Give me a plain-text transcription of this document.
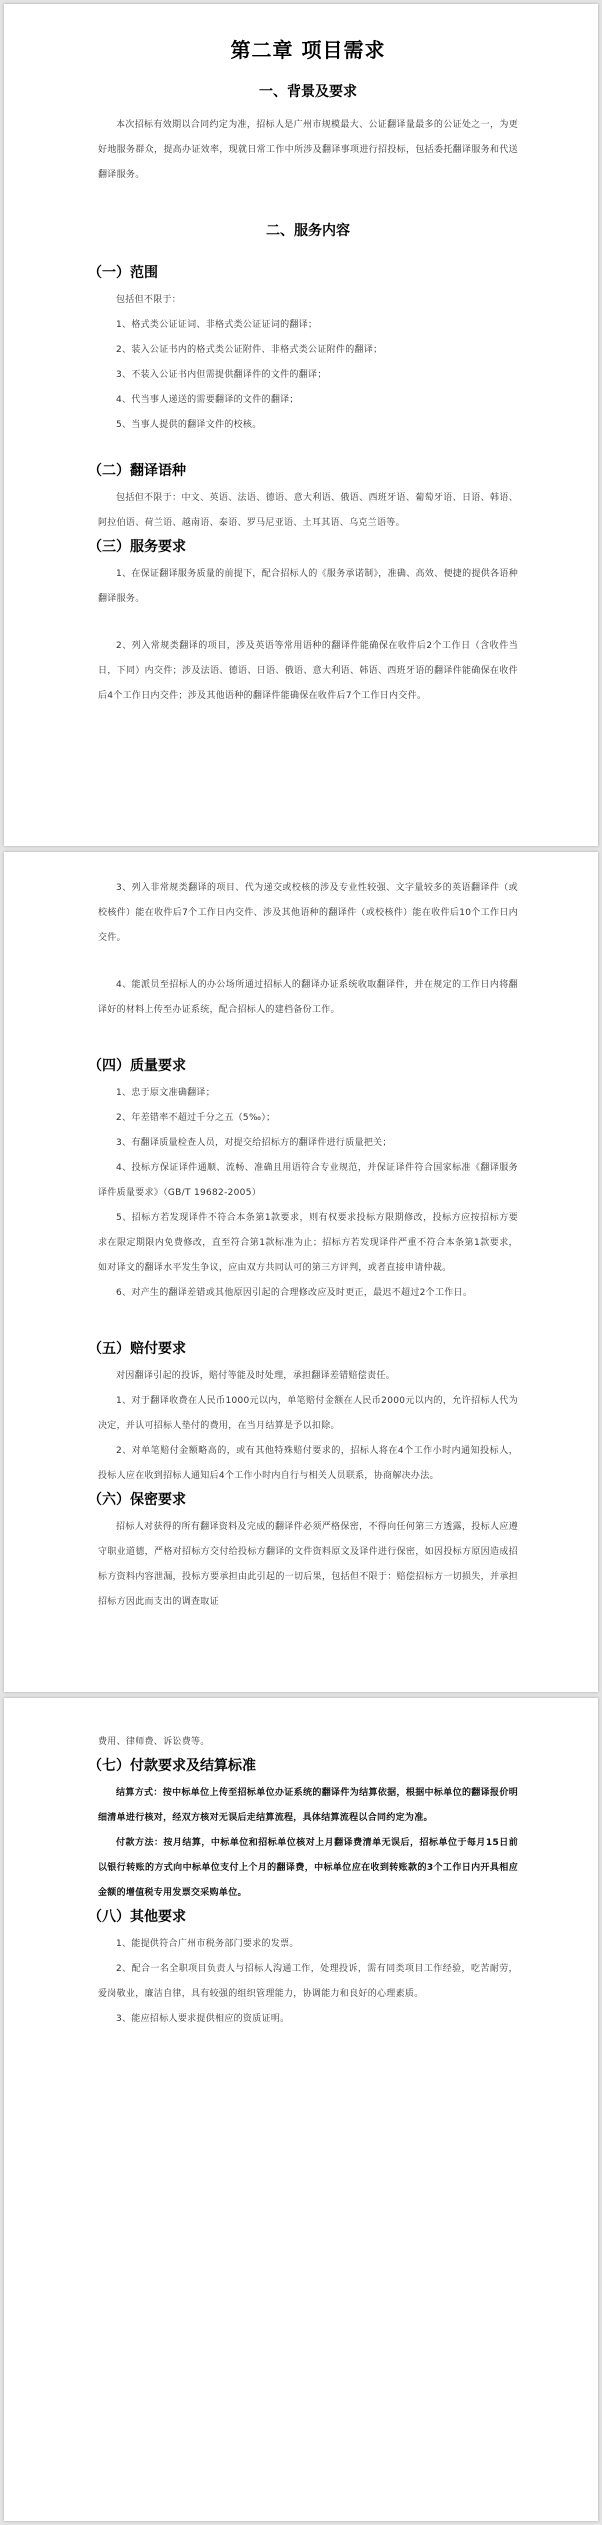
第二章 项目需求
一、背景及要求

本次招标有效期以合同约定为准，招标人是广州市规模最大、公证翻译量最多的公证处之一，为更好地服务群众，提高办证效率，现就日常工作中所涉及翻译事项进行招投标，包括委托翻译服务和代送翻译服务。

二、服务内容
（一）范围

包括但不限于：

1、格式类公证证词、非格式类公证证词的翻译；

2、装入公证书内的格式类公证附件、非格式类公证附件的翻译；

3、不装入公证书内但需提供翻译件的文件的翻译；

4、代当事人递送的需要翻译的文件的翻译；

5、当事人提供的翻译文件的校核。

（二）翻译语种

包括但不限于：中文、英语、法语、德语、意大利语、俄语、西班牙语、葡萄牙语、日语、韩语、阿拉伯语、荷兰语、越南语、泰语、罗马尼亚语、土耳其语、乌克兰语等。

（三）服务要求

1、在保证翻译服务质量的前提下，配合招标人的《服务承诺制》，准确、高效、便捷的提供各语种翻译服务。

2、列入常规类翻译的项目，涉及英语等常用语种的翻译件能确保在收件后2个工作日（含收件当日，下同）内交件；涉及法语、德语、日语、俄语、意大利语、韩语、西班牙语的翻译件能确保在收件后4个工作日内交件；涉及其他语种的翻译件能确保在收件后7个工作日内交件。

3、列入非常规类翻译的项目、代为递交或校核的涉及专业性较强、文字量较多的英语翻译件（或校核件）能在收件后7个工作日内交件、涉及其他语种的翻译件（或校核件）能在收件后10个工作日内交件。

4、能派员至招标人的办公场所通过招标人的翻译办证系统收取翻译件，并在规定的工作日内将翻译好的材料上传至办证系统，配合招标人的建档备份工作。

（四）质量要求

1、忠于原文准确翻译；

2、年差错率不超过千分之五（5‰）；

3、有翻译质量检查人员，对提交给招标方的翻译件进行质量把关；

4、投标方保证译件通顺、流畅、准确且用语符合专业规范，并保证译件符合国家标准《翻译服务译件质量要求》（GB/T 19682-2005）

5、招标方若发现译件不符合本条第1款要求，则有权要求投标方限期修改，投标方应按招标方要求在限定期限内免费修改，直至符合第1款标准为止；招标方若发现译件严重不符合本条第1款要求，如对译文的翻译水平发生争议，应由双方共同认可的第三方评判，或者直接申请仲裁。

6、对产生的翻译差错或其他原因引起的合理修改应及时更正，最迟不超过2个工作日。

（五）赔付要求

对因翻译引起的投诉，赔付等能及时处理，承担翻译差错赔偿责任。

1、对于翻译收费在人民币1000元以内，单笔赔付金额在人民币2000元以内的，允许招标人代为决定，并认可招标人垫付的费用，在当月结算是予以扣除。

2、对单笔赔付金额略高的，或有其他特殊赔付要求的，招标人将在4个工作小时内通知投标人，投标人应在收到招标人通知后4个工作小时内自行与相关人员联系，协商解决办法。

（六）保密要求

招标人对获得的所有翻译资料及完成的翻译件必须严格保密，不得向任何第三方透露，投标人应遵守职业道德，严格对招标方交付给投标方翻译的文件资料原文及译件进行保密，如因投标方原因造成招标方资料内容泄漏，投标方要承担由此引起的一切后果，包括但不限于：赔偿招标方一切损失，并承担招标方因此而支出的调查取证

费用、律师费、诉讼费等。

（七）付款要求及结算标准

结算方式：按中标单位上传至招标单位办证系统的翻译件为结算依据，根据中标单位的翻译报价明细清单进行核对，经双方核对无误后走结算流程，具体结算流程以合同约定为准。

付款方法：按月结算，中标单位和招标单位核对上月翻译费清单无误后，招标单位于每月15日前以银行转账的方式向中标单位支付上个月的翻译费，中标单位应在收到转账款的3个工作日内开具相应金额的增值税专用发票交采购单位。

（八）其他要求

1、能提供符合广州市税务部门要求的发票。

2、配合一名全职项目负责人与招标人沟通工作，处理投诉，需有同类项目工作经验，吃苦耐劳，爱岗敬业，廉洁自律，具有较强的组织管理能力，协调能力和良好的心理素质。

3、能应招标人要求提供相应的资质证明。
